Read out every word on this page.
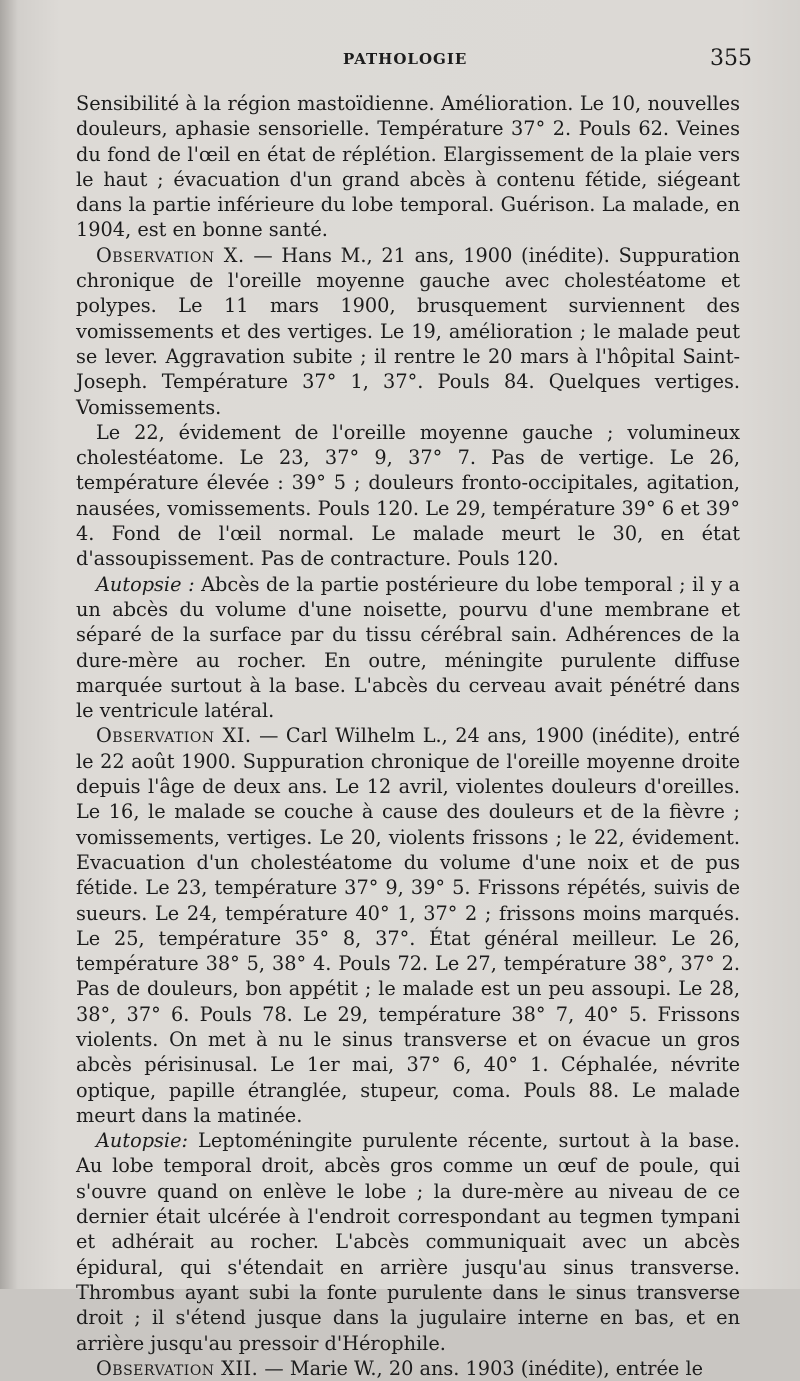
PATHOLOGIE	355

Sensibilité à la région mastoïdienne. Amélioration. Le 10, nouvelles douleurs, aphasie sensorielle. Température 37° 2. Pouls 62. Veines du fond de l'œil en état de réplétion. Elargissement de la plaie vers le haut ; évacuation d'un grand abcès à contenu fétide, siégeant dans la partie inférieure du lobe temporal. Guérison. La malade, en 1904, est en bonne santé.

Observation X. — Hans M., 21 ans, 1900 (inédite). Suppuration chronique de l'oreille moyenne gauche avec cholestéatome et polypes. Le 11 mars 1900, brusquement surviennent des vomissements et des vertiges. Le 19, amélioration ; le malade peut se lever. Aggravation subite ; il rentre le 20 mars à l'hôpital Saint-Joseph. Température 37° 1, 37°. Pouls 84. Quelques vertiges. Vomissements.

Le 22, évidement de l'oreille moyenne gauche ; volumineux cholestéatome. Le 23, 37° 9, 37° 7. Pas de vertige. Le 26, température élevée : 39° 5 ; douleurs fronto-occipitales, agitation, nausées, vomissements. Pouls 120. Le 29, température 39° 6 et 39° 4. Fond de l'œil normal. Le malade meurt le 30, en état d'assoupissement. Pas de contracture. Pouls 120.

Autopsie : Abcès de la partie postérieure du lobe temporal ; il y a un abcès du volume d'une noisette, pourvu d'une membrane et séparé de la surface par du tissu cérébral sain. Adhérences de la dure-mère au rocher. En outre, méningite purulente diffuse marquée surtout à la base. L'abcès du cerveau avait pénétré dans le ventricule latéral.

Observation XI. — Carl Wilhelm L., 24 ans, 1900 (inédite), entré le 22 août 1900. Suppuration chronique de l'oreille moyenne droite depuis l'âge de deux ans. Le 12 avril, violentes douleurs d'oreilles. Le 16, le malade se couche à cause des douleurs et de la fièvre ; vomissements, vertiges. Le 20, violents frissons ; le 22, évidement. Evacuation d'un cholestéatome du volume d'une noix et de pus fétide. Le 23, température 37° 9, 39° 5. Frissons répétés, suivis de sueurs. Le 24, température 40° 1, 37° 2 ; frissons moins marqués. Le 25, température 35° 8, 37°. État général meilleur. Le 26, température 38° 5, 38° 4. Pouls 72. Le 27, température 38°, 37° 2. Pas de douleurs, bon appétit ; le malade est un peu assoupi. Le 28, 38°, 37° 6. Pouls 78. Le 29, température 38° 7, 40° 5. Frissons violents. On met à nu le sinus transverse et on évacue un gros abcès périsinusal. Le 1er mai, 37° 6, 40° 1. Céphalée, névrite optique, papille étranglée, stupeur, coma. Pouls 88. Le malade meurt dans la matinée.

Autopsie: Leptoméningite purulente récente, surtout à la base. Au lobe temporal droit, abcès gros comme un œuf de poule, qui s'ouvre quand on enlève le lobe ; la dure-mère au niveau de ce dernier était ulcérée à l'endroit correspondant au tegmen tympani et adhérait au rocher. L'abcès communiquait avec un abcès épidural, qui s'étendait en arrière jusqu'au sinus transverse. Thrombus ayant subi la fonte purulente dans le sinus transverse droit ; il s'étend jusque dans la jugulaire interne en bas, et en arrière jusqu'au pressoir d'Hérophile.

Observation XII. — Marie W., 20 ans. 1903 (inédite), entrée le
